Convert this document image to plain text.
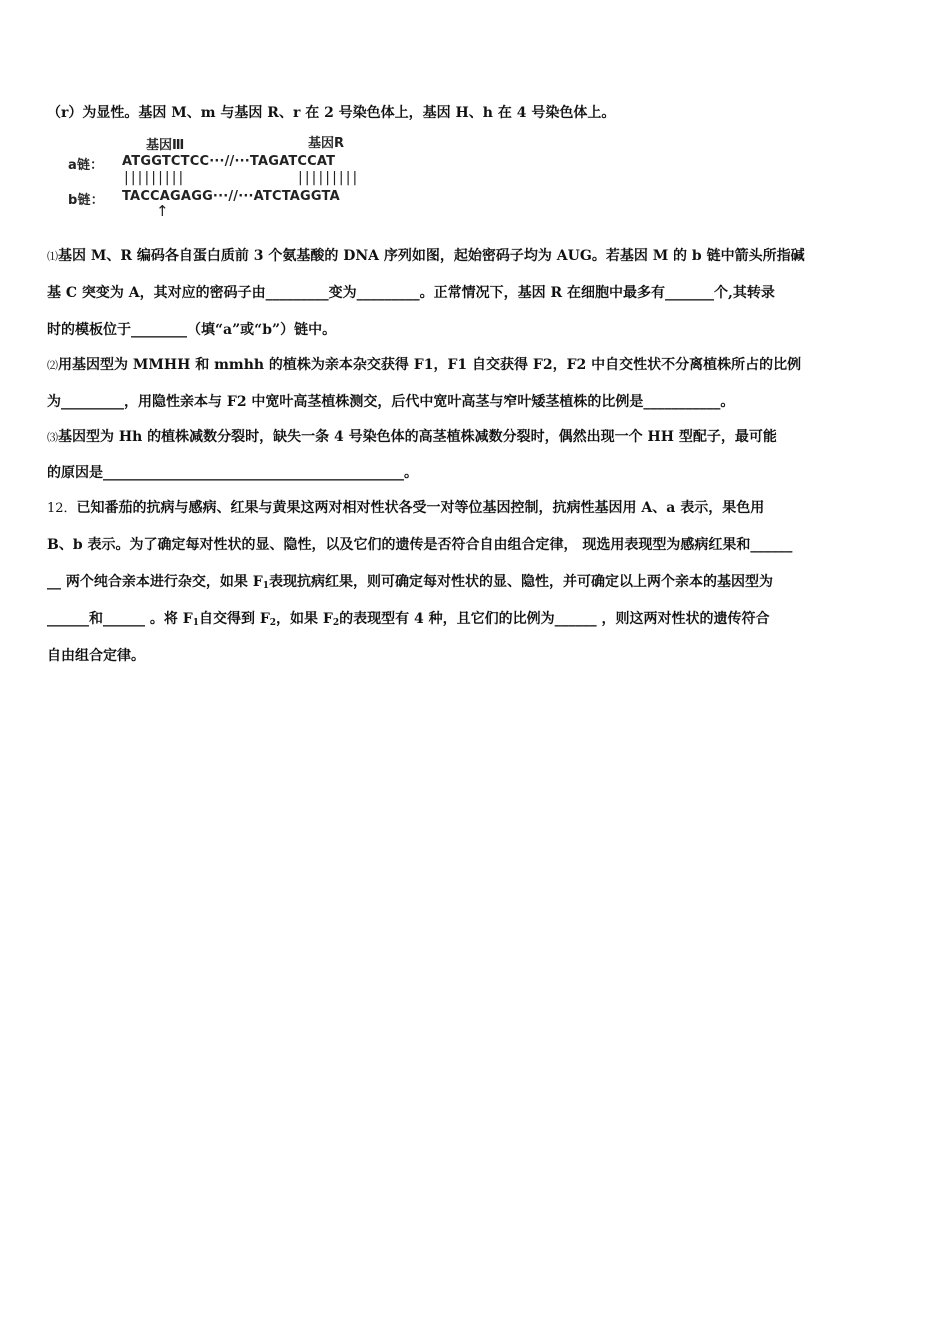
（r）为显性。基因 M、m 与基因 R、r 在 2 号染色体上，基因 H、h 在 4 号染色体上。
基因Ⅲ	基因R
a链： ATGGTCTCC···//···TAGATCCAT
|||||||||	|||||||||
b链： TACCAGAGG···//···ATCTAGGTA
↑
⑴基因 M、R 编码各自蛋白质前 3 个氨基酸的 DNA 序列如图，起始密码子均为 AUG。若基因 M 的 b 链中箭头所指碱
基 C 突变为 A，其对应的密码子由_________变为_________。正常情况下，基因 R 在细胞中最多有_______个,其转录
时的模板位于________（填“a”或“b”）链中。
⑵用基因型为 MMHH 和 mmhh 的植株为亲本杂交获得 F1，F1 自交获得 F2，F2 中自交性状不分离植株所占的比例
为_________，用隐性亲本与 F2 中宽叶高茎植株测交，后代中宽叶高茎与窄叶矮茎植株的比例是___________。
⑶基因型为 Hh 的植株减数分裂时，缺失一条 4 号染色体的高茎植株减数分裂时，偶然出现一个 HH 型配子，最可能
的原因是___________________________________________。
12．已知番茄的抗病与感病、红果与黄果这两对相对性状各受一对等位基因控制，抗病性基因用 A、a 表示，果色用
B、b 表示。为了确定每对性状的显、隐性，以及它们的遗传是否符合自由组合定律， 现选用表现型为感病红果和______
__ 两个纯合亲本进行杂交，如果 $F_1$表现抗病红果，则可确定每对性状的显、隐性，并可确定以上两个亲本的基因型为
______和______ 。将 $F_1$自交得到 $F_2$，如果 $F_2$的表现型有 4 种，且它们的比例为______ ，则这两对性状的遗传符合
自由组合定律。
